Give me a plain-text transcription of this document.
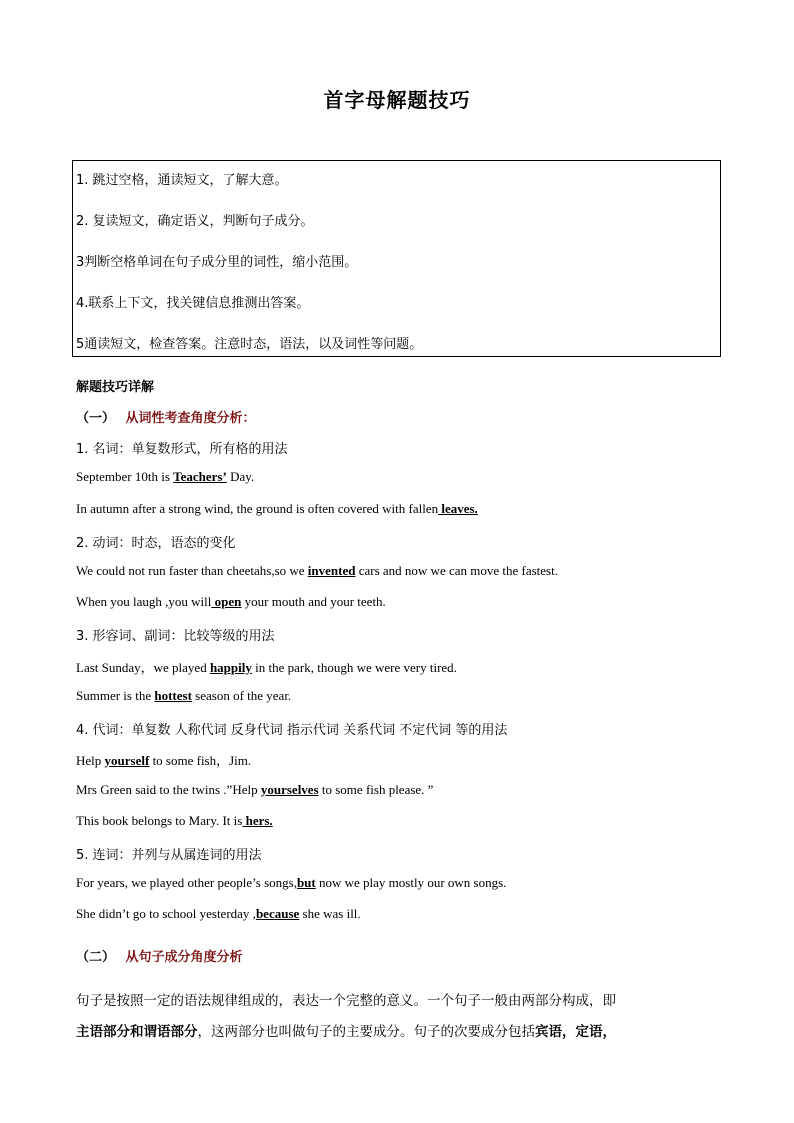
首字母解题技巧
1. 跳过空格，通读短文，了解大意。
2. 复读短文，确定语义，判断句子成分。
3判断空格单词在句子成分里的词性，缩小范围。
4.联系上下文，找关键信息推测出答案。
5通读短文，检查答案。注意时态，语法，以及词性等问题。
解题技巧详解
（一） 从词性考查角度分析：
1. 名词：单复数形式，所有格的用法
September 10th is Teachers’ Day.
In autumn after a strong wind, the ground is often covered with fallen leaves.
2. 动词：时态，语态的变化
We could not run faster than cheetahs,so we invented cars and now we can move the fastest.
When you laugh ,you will open your mouth and your teeth.
3. 形容词、副词：比较等级的用法
Last Sunday，we played happily in the park, though we were very tired.
Summer is the hottest season of the year.
4. 代词：单复数 人称代词 反身代词 指示代词 关系代词 不定代词 等的用法
Help yourself to some fish，Jim.
Mrs Green said to the twins .”Help yourselves to some fish please. ”
This book belongs to Mary. It is hers.
5. 连词：并列与从属连词的用法
For years, we played other people’s songs,but now we play mostly our own songs.
She didn’t go to school yesterday ,because she was ill.
（二） 从句子成分角度分析
句子是按照一定的语法规律组成的，表达一个完整的意义。一个句子一般由两部分构成，即
主语部分和谓语部分，这两部分也叫做句子的主要成分。句子的次要成分包括宾语，定语，
